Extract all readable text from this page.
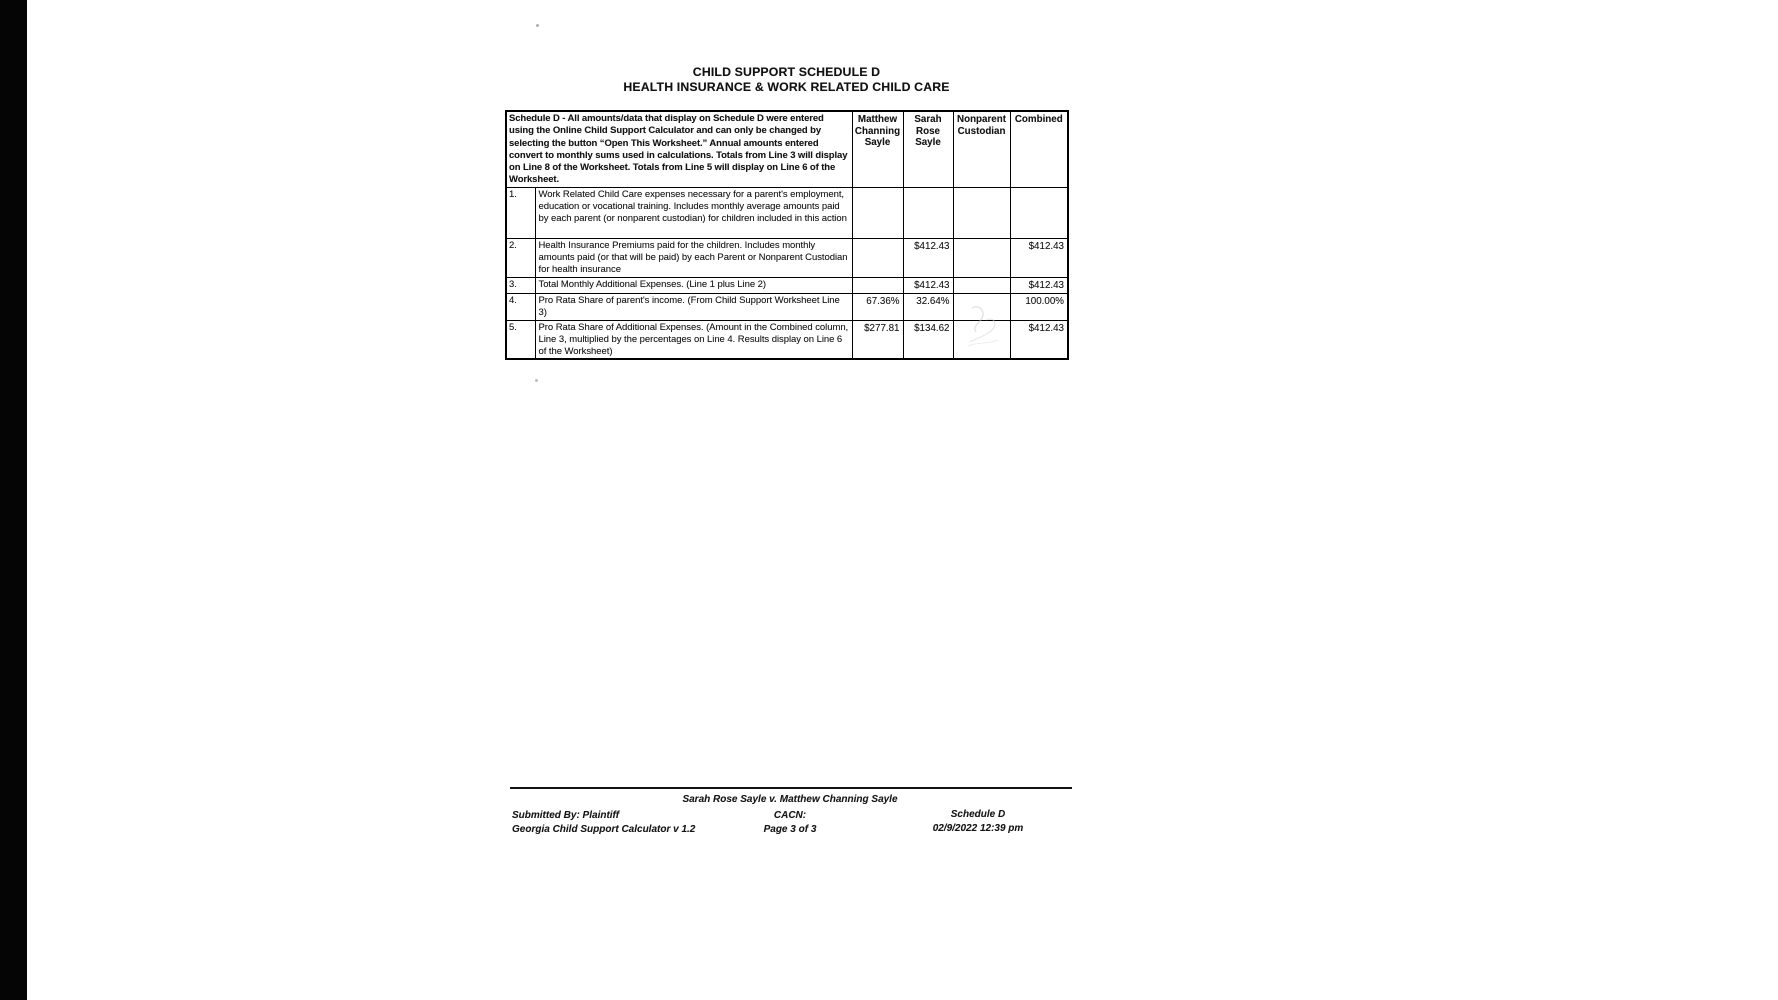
CHILD SUPPORT SCHEDULE D
HEALTH INSURANCE & WORK RELATED CHILD CARE
Schedule D - All amounts/data that display on Schedule D were entered using the Online Child Support Calculator and can only be changed by selecting the button “Open This Worksheet.” Annual amounts entered convert to monthly sums used in calculations. Totals from Line 3 will display on Line 8 of the Worksheet. Totals from Line 5 will display on Line 6 of the Worksheet.		Matthew Channing Sayle	Sarah Rose Sayle	Nonparent Custodian	Combined
1.	Work Related Child Care expenses necessary for a parent's employment, education or vocational training. Includes monthly average amounts paid by each parent (or nonparent custodian) for children included in this action				
2.	Health Insurance Premiums paid for the children. Includes monthly amounts paid (or that will be paid) by each Parent or Nonparent Custodian for health insurance		$412.43		$412.43
3.	Total Monthly Additional Expenses. (Line 1 plus Line 2)		$412.43		$412.43
4.	Pro Rata Share of parent's income. (From Child Support Worksheet Line 3)	67.36%	32.64%		100.00%
5.	Pro Rata Share of Additional Expenses. (Amount in the Combined column, Line 3, multiplied by the percentages on Line 4. Results display on Line 6 of the Worksheet)	$277.81	$134.62		$412.43
Sarah Rose Sayle v. Matthew Channing Sayle
Submitted By: Plaintiff	CACN:	Schedule D
Georgia Child Support Calculator v 1.2	Page 3 of 3	02/9/2022 12:39 pm
